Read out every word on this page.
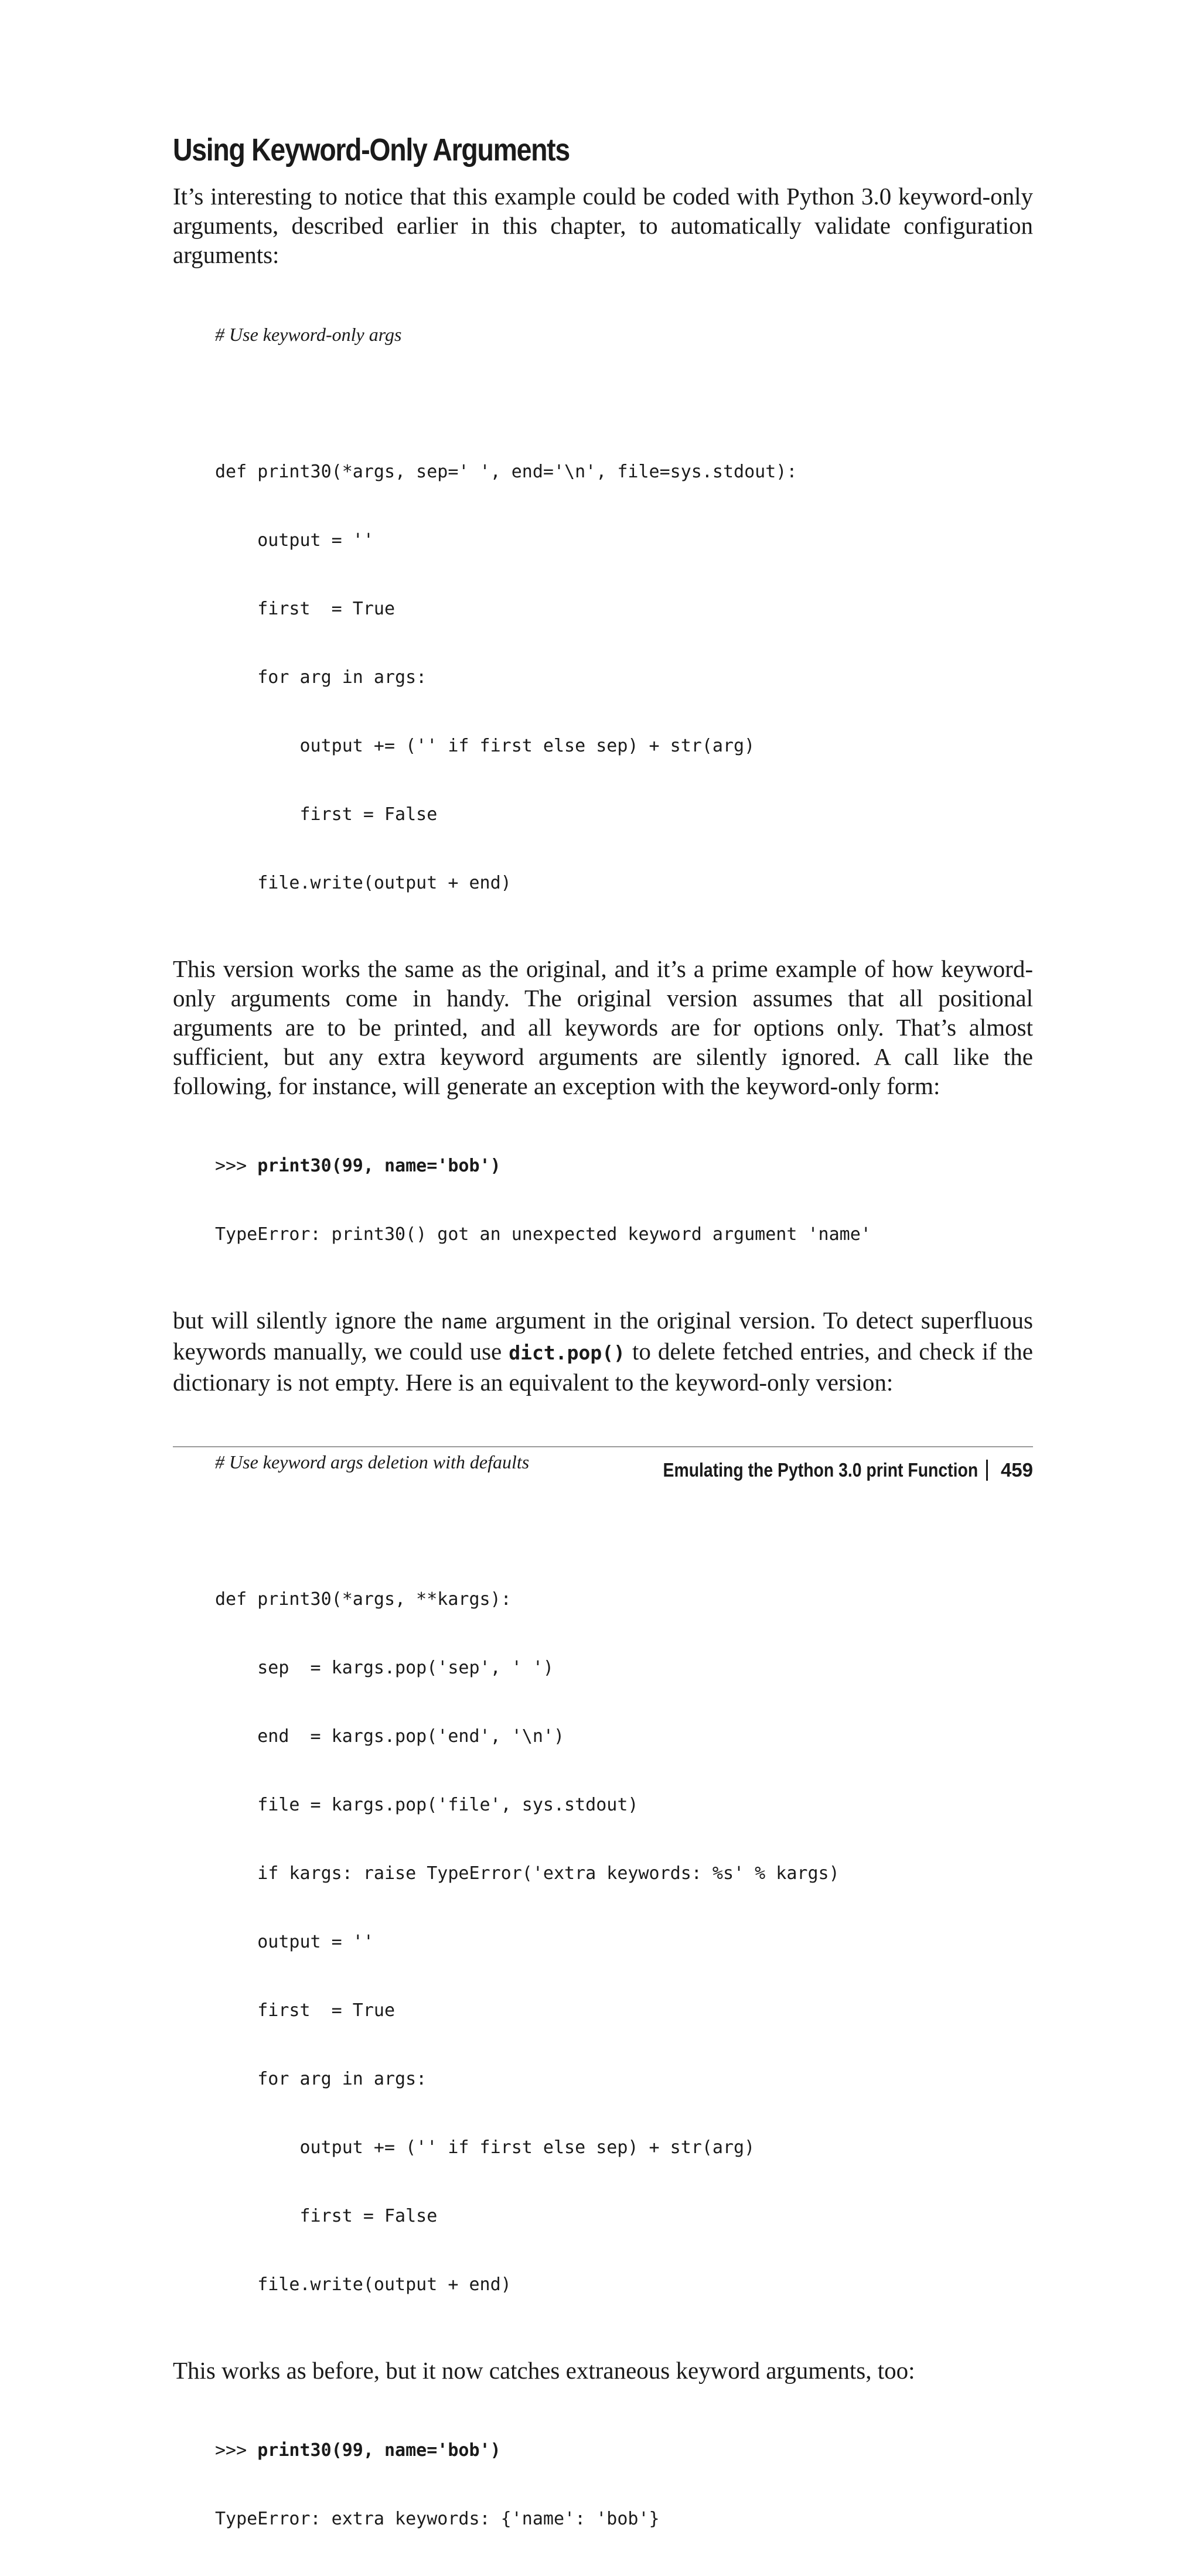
Using Keyword-Only Arguments

It’s interesting to notice that this example could be coded with Python 3.0 keyword-only arguments, described earlier in this chapter, to automatically validate configuration arguments:

# Use keyword-only args

def print30(*args, sep=' ', end='\n', file=sys.stdout):

output = ''

first  = True

for arg in args:

output += ('' if first else sep) + str(arg)

first = False

file.write(output + end)

This version works the same as the original, and it’s a prime example of how keyword-only arguments come in handy. The original version assumes that all positional arguments are to be printed, and all keywords are for options only. That’s almost sufficient, but any extra keyword arguments are silently ignored. A call like the following, for instance, will generate an exception with the keyword-only form:

>>> print30(99, name='bob')

TypeError: print30() got an unexpected keyword argument 'name'

but will silently ignore the name argument in the original version. To detect superfluous keywords manually, we could use dict.pop() to delete fetched entries, and check if the dictionary is not empty. Here is an equivalent to the keyword-only version:

# Use keyword args deletion with defaults

def print30(*args, **kargs):

sep  = kargs.pop('sep', ' ')

end  = kargs.pop('end', '\n')

file = kargs.pop('file', sys.stdout)

if kargs: raise TypeError('extra keywords: %s' % kargs)

output = ''

first  = True

for arg in args:

output += ('' if first else sep) + str(arg)

first = False

file.write(output + end)

This works as before, but it now catches extraneous keyword arguments, too:

>>> print30(99, name='bob')

TypeError: extra keywords: {'name': 'bob'}

Emulating the Python 3.0 print Function 459
